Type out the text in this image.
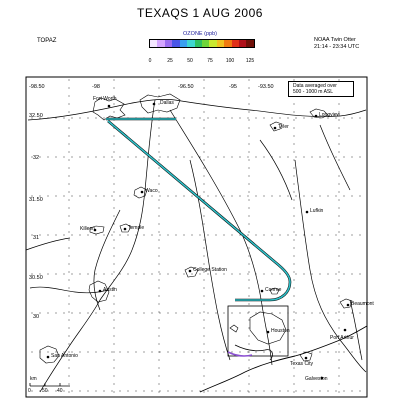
TEXAQS 1 AUG 2006
TOPAZ	NOAA Twin Otter
21:14 - 23:34 UTC
OZONE (ppb)
0	25	50	75	100 125
Data averaged over
500 - 1000 m ASL
-98.50	-98	-96.50	-95	-93.50
32.50
32
31.50
31
30.50
30
Fort Worth
Dallas
Tyler
Longview
Waco
Killeen	Temple
Lufkin
College Station
Conroe
Austin
Houston
Beaumont
Port Arthur
Texas City
Galveston
San Antonio
km
0 50 40
